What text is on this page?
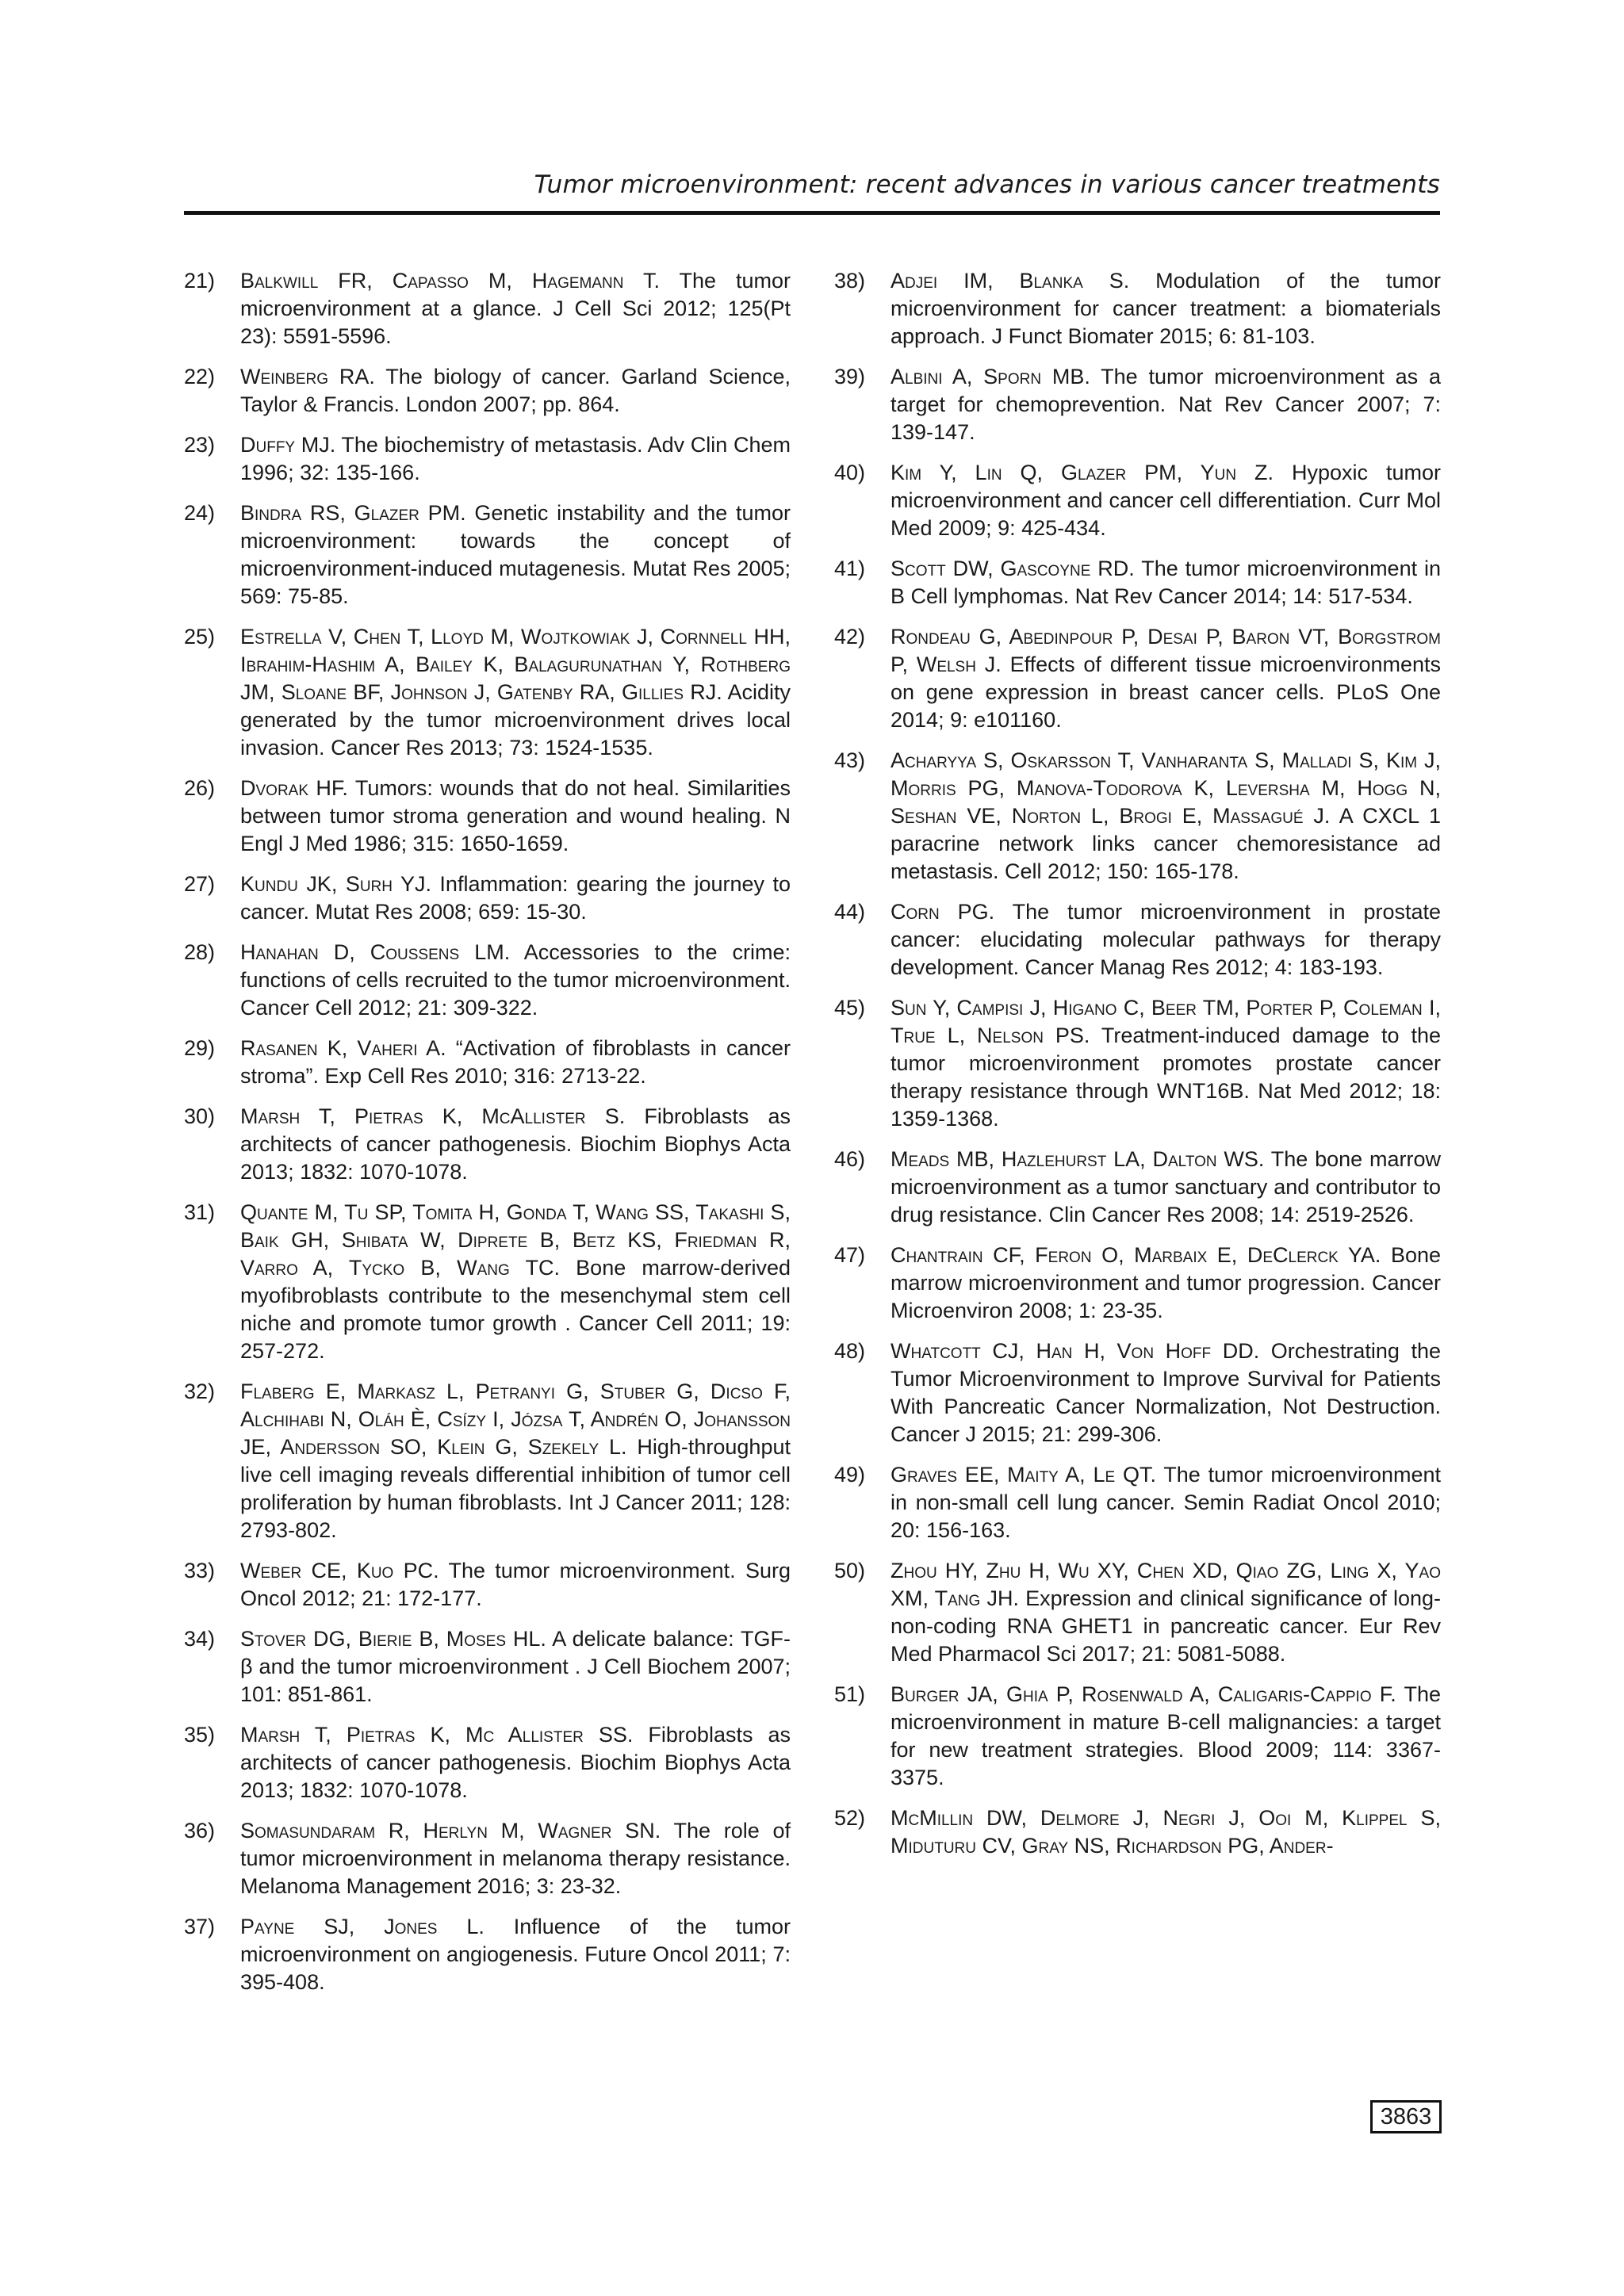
Tumor microenvironment: recent advances in various cancer treatments
21)	Balkwill FR, Capasso M, Hagemann T. The tumor microenvironment at a glance. J Cell Sci 2012; 125(Pt 23): 5591-5596.
22)	Weinberg RA. The biology of cancer. Garland Science, Taylor & Francis. London 2007; pp. 864.
23)	Duffy MJ. The biochemistry of metastasis. Adv Clin Chem 1996; 32: 135-166.
24)	Bindra RS, Glazer PM. Genetic instability and the tumor microenvironment: towards the concept of microenvironment-induced mutagenesis. Mutat Res 2005; 569: 75-85.
25)	Estrella V, Chen T, Lloyd M, Wojtkowiak J, Cornnell HH, Ibrahim-Hashim A, Bailey K, Balagurunathan Y, Rothberg JM, Sloane BF, Johnson J, Gatenby RA, Gillies RJ. Acidity generated by the tumor microenvironment drives local invasion. Cancer Res 2013; 73: 1524-1535.
26)	Dvorak HF. Tumors: wounds that do not heal. Similarities between tumor stroma generation and wound healing. N Engl J Med 1986; 315: 1650-1659.
27)	Kundu JK, Surh YJ. Inflammation: gearing the journey to cancer. Mutat Res 2008; 659: 15-30.
28)	Hanahan D, Coussens LM. Accessories to the crime: functions of cells recruited to the tumor microenvironment. Cancer Cell 2012; 21: 309-322.
29)	Rasanen K, Vaheri A. “Activation of fibroblasts in cancer stroma”. Exp Cell Res 2010; 316: 2713-22.
30)	Marsh T, Pietras K, McAllister S. Fibroblasts as architects of cancer pathogenesis. Biochim Biophys Acta 2013; 1832: 1070-1078.
31)	Quante M, Tu SP, Tomita H, Gonda T, Wang SS, Takashi S, Baik GH, Shibata W, Diprete B, Betz KS, Friedman R, Varro A, Tycko B, Wang TC. Bone marrow-derived myofibroblasts contribute to the mesenchymal stem cell niche and promote tumor growth . Cancer Cell 2011; 19: 257-272.
32)	Flaberg E, Markasz L, Petranyi G, Stuber G, Dicso F, Alchihabi N, Oláh È, Csízy I, Józsa T, Andrén O, Johansson JE, Andersson SO, Klein G, Szekely L. High-throughput live cell imaging reveals differential inhibition of tumor cell proliferation by human fibroblasts. Int J Cancer 2011; 128: 2793-802.
33)	Weber CE, Kuo PC. The tumor microenvironment. Surg Oncol 2012; 21: 172-177.
34)	Stover DG, Bierie B, Moses HL. A delicate balance: TGF-β and the tumor microenvironment . J Cell Biochem 2007; 101: 851-861.
35)	Marsh T, Pietras K, Mc Allister SS. Fibroblasts as architects of cancer pathogenesis. Biochim Biophys Acta 2013; 1832: 1070-1078.
36)	Somasundaram R, Herlyn M, Wagner SN. The role of tumor microenvironment in melanoma therapy resistance. Melanoma Management 2016; 3: 23-32.
37)	Payne SJ, Jones L. Influence of the tumor microenvironment on angiogenesis. Future Oncol 2011; 7: 395-408.
38)	Adjei IM, Blanka S. Modulation of the tumor microenvironment for cancer treatment: a biomaterials approach. J Funct Biomater 2015; 6: 81-103.
39)	Albini A, Sporn MB. The tumor microenvironment as a target for chemoprevention. Nat Rev Cancer 2007; 7: 139-147.
40)	Kim Y, Lin Q, Glazer PM, Yun Z. Hypoxic tumor microenvironment and cancer cell differentiation. Curr Mol Med 2009; 9: 425-434.
41)	Scott DW, Gascoyne RD. The tumor microenvironment in B Cell lymphomas. Nat Rev Cancer 2014; 14: 517-534.
42)	Rondeau G, Abedinpour P, Desai P, Baron VT, Borgstrom P, Welsh J. Effects of different tissue microenvironments on gene expression in breast cancer cells. PLoS One 2014; 9: e101160.
43)	Acharyya S, Oskarsson T, Vanharanta S, Malladi S, Kim J, Morris PG, Manova-Todorova K, Leversha M, Hogg N, Seshan VE, Norton L, Brogi E, Massagué J. A CXCL 1 paracrine network links cancer chemoresistance ad metastasis. Cell 2012; 150: 165-178.
44)	Corn PG. The tumor microenvironment in prostate cancer: elucidating molecular pathways for therapy development. Cancer Manag Res 2012; 4: 183-193.
45)	Sun Y, Campisi J, Higano C, Beer TM, Porter P, Coleman I, True L, Nelson PS. Treatment-induced damage to the tumor microenvironment promotes prostate cancer therapy resistance through WNT16B. Nat Med 2012; 18: 1359-1368.
46)	Meads MB, Hazlehurst LA, Dalton WS. The bone marrow microenvironment as a tumor sanctuary and contributor to drug resistance. Clin Cancer Res 2008; 14: 2519-2526.
47)	Chantrain CF, Feron O, Marbaix E, DeClerck YA. Bone marrow microenvironment and tumor progression. Cancer Microenviron 2008; 1: 23-35.
48)	Whatcott CJ, Han H, Von Hoff DD. Orchestrating the Tumor Microenvironment to Improve Survival for Patients With Pancreatic Cancer Normalization, Not Destruction. Cancer J 2015; 21: 299-306.
49)	Graves EE, Maity A, Le QT. The tumor microenvironment in non-small cell lung cancer. Semin Radiat Oncol 2010; 20: 156-163.
50)	Zhou HY, Zhu H, Wu XY, Chen XD, Qiao ZG, Ling X, Yao XM, Tang JH. Expression and clinical significance of long-non-coding RNA GHET1 in pancreatic cancer. Eur Rev Med Pharmacol Sci 2017; 21: 5081-5088.
51)	Burger JA, Ghia P, Rosenwald A, Caligaris-Cappio F. The microenvironment in mature B-cell malignancies: a target for new treatment strategies. Blood 2009; 114: 3367-3375.
52)	McMillin DW, Delmore J, Negri J, Ooi M, Klippel S, Miduturu CV, Gray NS, Richardson PG, Ander-
3863
